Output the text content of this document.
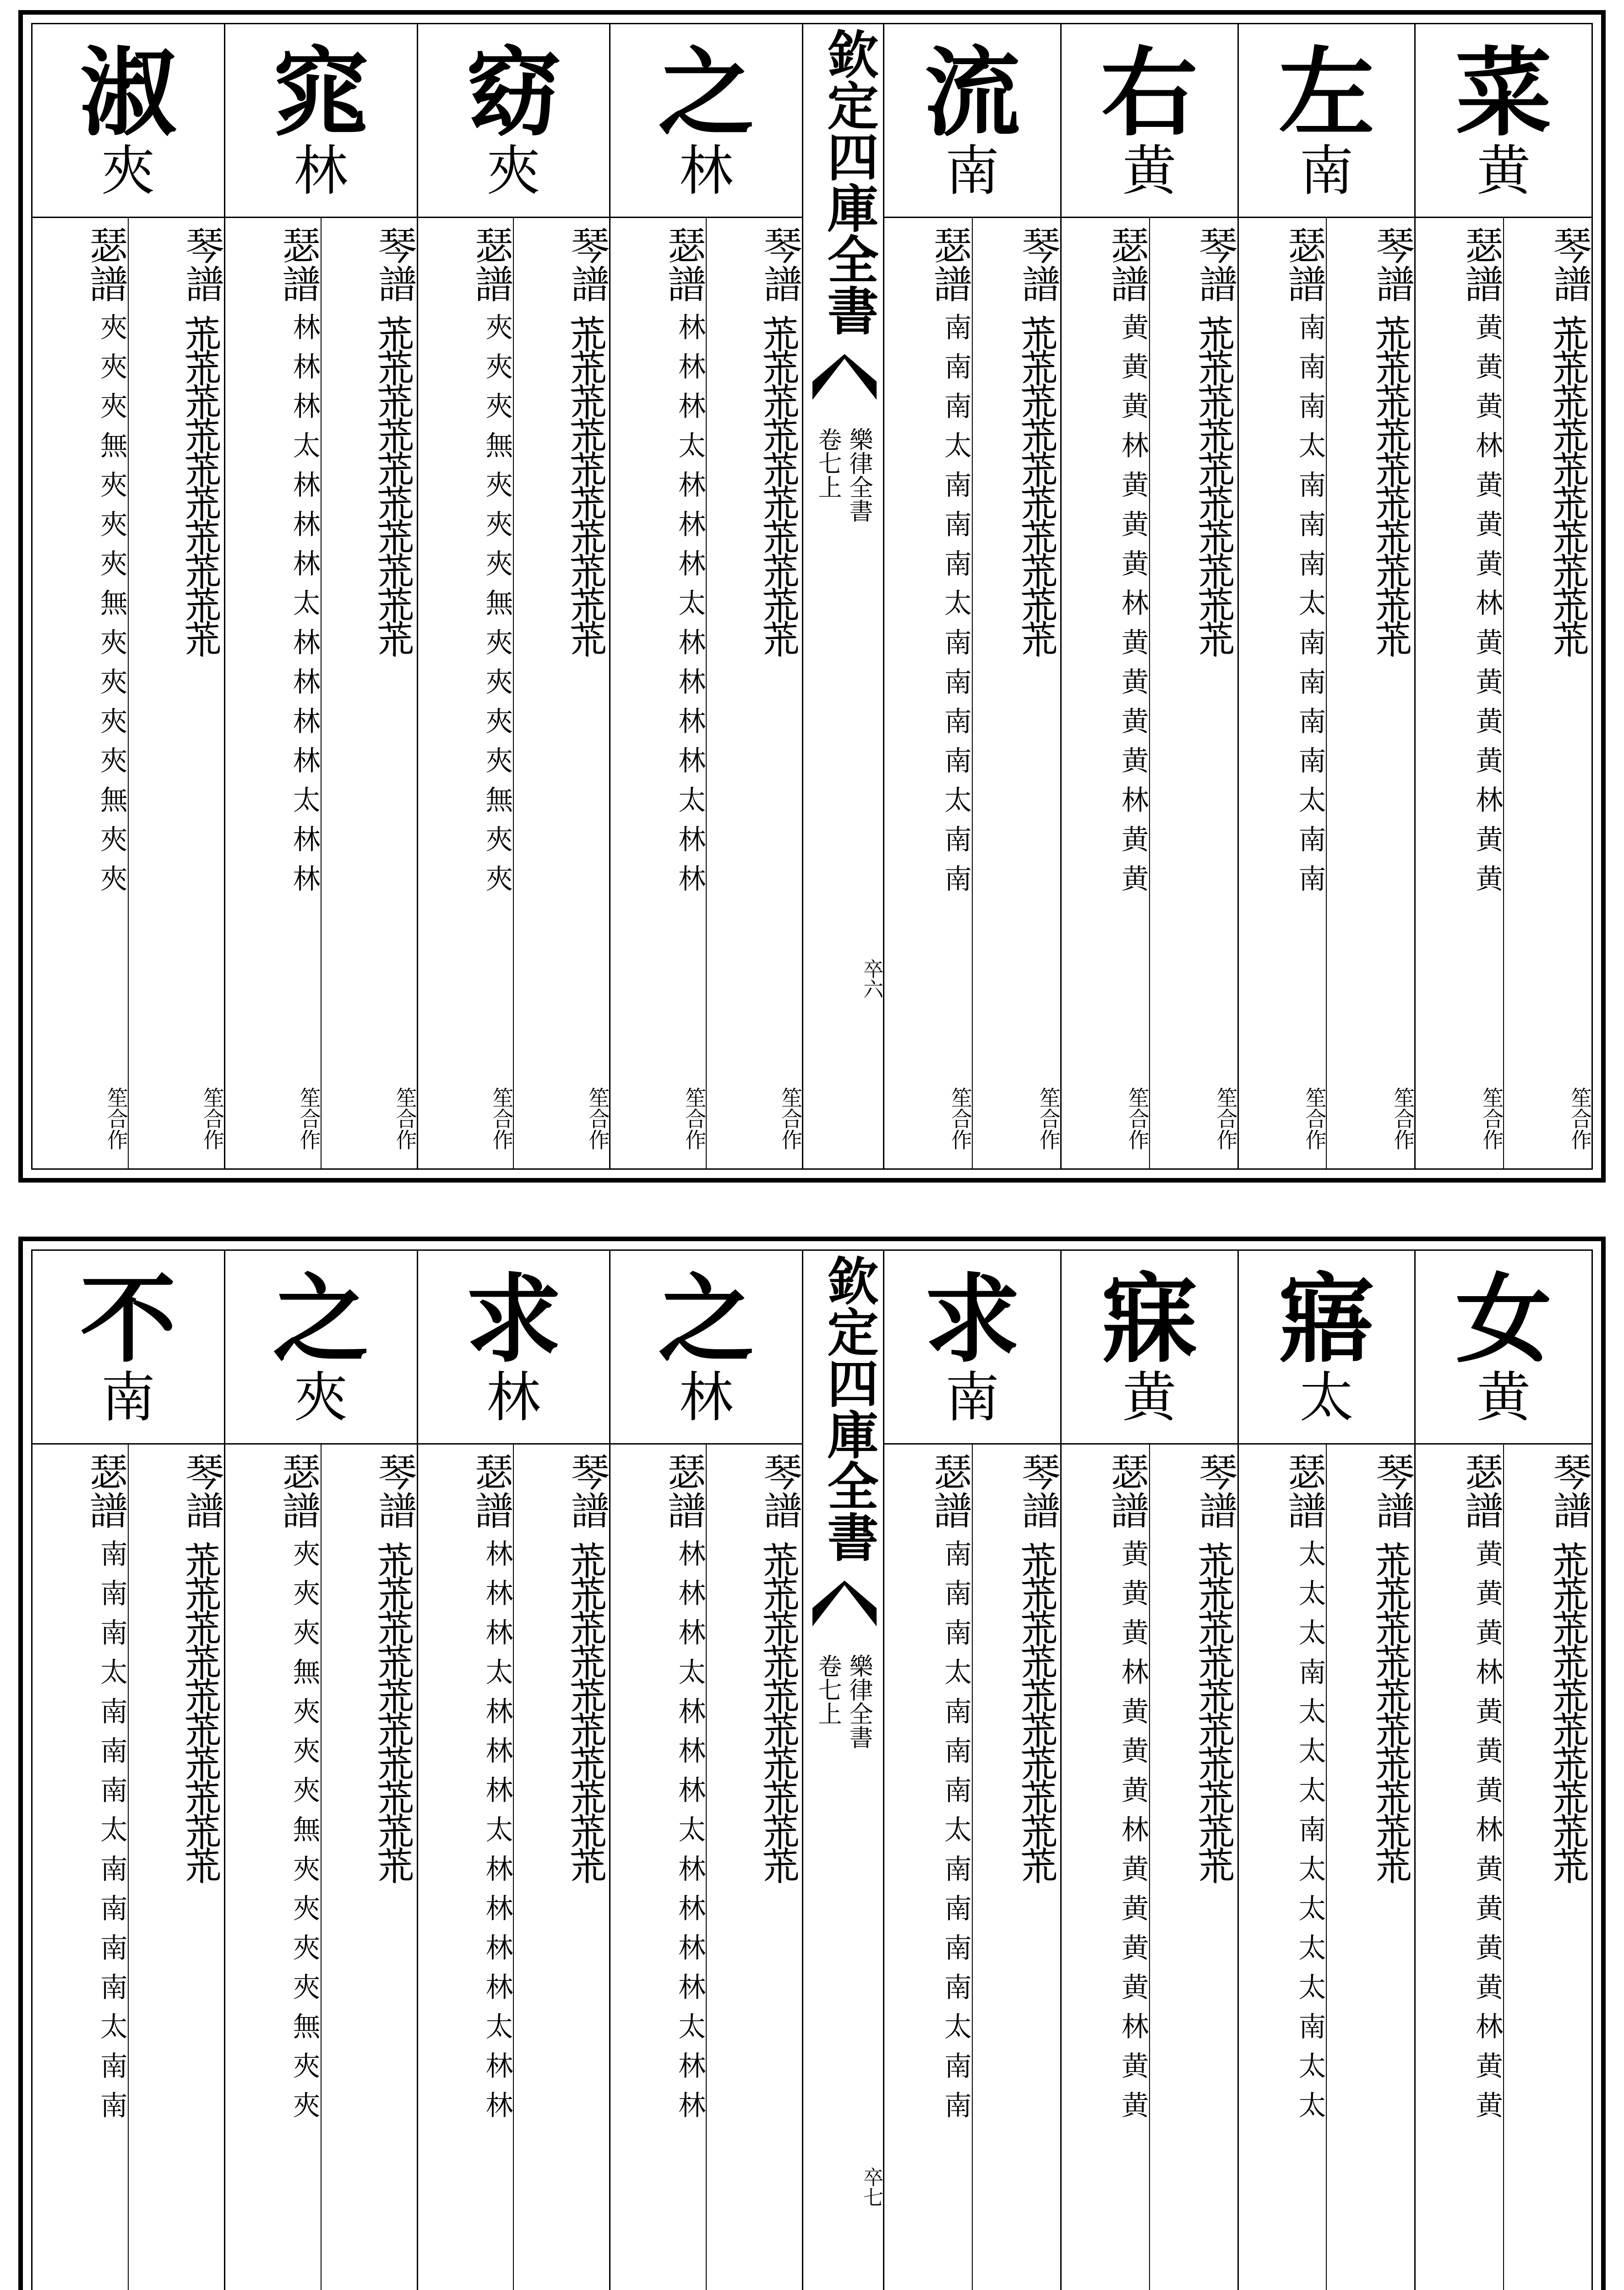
淑
夾
琴譜
𦬸𦬸𦬸𦬸𦬸𦬸𦬸𦬸𦬸𦬸
笙合作
瑟譜
夾夾夾無夾夾夾無夾夾夾夾無夾夾
笙合作
窕
林
琴譜
𦬸𦬸𦬸𦬸𦬸𦬸𦬸𦬸𦬸𦬸
笙合作
瑟譜
林林林太林林林太林林林林太林林
笙合作
窈
夾
琴譜
𦬸𦬸𦬸𦬸𦬸𦬸𦬸𦬸𦬸𦬸
笙合作
瑟譜
夾夾夾無夾夾夾無夾夾夾夾無夾夾
笙合作
之
林
琴譜
𦬸𦬸𦬸𦬸𦬸𦬸𦬸𦬸𦬸𦬸
笙合作
瑟譜
林林林太林林林太林林林林太林林
笙合作
欽定四庫全書
樂律全書
卷七上
卒六
流
南
琴譜
𦬸𦬸𦬸𦬸𦬸𦬸𦬸𦬸𦬸𦬸
笙合作
瑟譜
南南南太南南南太南南南南太南南
笙合作
右
黄
琴譜
𦬸𦬸𦬸𦬸𦬸𦬸𦬸𦬸𦬸𦬸
笙合作
瑟譜
黄黄黄林黄黄黄林黄黄黄黄林黄黄
笙合作
左
南
琴譜
𦬸𦬸𦬸𦬸𦬸𦬸𦬸𦬸𦬸𦬸
笙合作
瑟譜
南南南太南南南太南南南南太南南
笙合作
菜
黄
琴譜
𦬸𦬸𦬸𦬸𦬸𦬸𦬸𦬸𦬸𦬸
笙合作
瑟譜
黄黄黄林黄黄黄林黄黄黄黄林黄黄
笙合作
不
南
琴譜
𦬸𦬸𦬸𦬸𦬸𦬸𦬸𦬸𦬸𦬸
瑟譜
南南南太南南南太南南南南太南南
之
夾
琴譜
𦬸𦬸𦬸𦬸𦬸𦬸𦬸𦬸𦬸𦬸
瑟譜
夾夾夾無夾夾夾無夾夾夾夾無夾夾
求
林
琴譜
𦬸𦬸𦬸𦬸𦬸𦬸𦬸𦬸𦬸𦬸
瑟譜
林林林太林林林太林林林林太林林
之
林
琴譜
𦬸𦬸𦬸𦬸𦬸𦬸𦬸𦬸𦬸𦬸
瑟譜
林林林太林林林太林林林林太林林
欽定四庫全書
樂律全書
卷七上
卒七
求
南
琴譜
𦬸𦬸𦬸𦬸𦬸𦬸𦬸𦬸𦬸𦬸
瑟譜
南南南太南南南太南南南南太南南
寐
黄
琴譜
𦬸𦬸𦬸𦬸𦬸𦬸𦬸𦬸𦬸𦬸
瑟譜
黄黄黄林黄黄黄林黄黄黄黄林黄黄
寤
太
琴譜
𦬸𦬸𦬸𦬸𦬸𦬸𦬸𦬸𦬸𦬸
瑟譜
太太太南太太太南太太太太南太太
女
黄
琴譜
𦬸𦬸𦬸𦬸𦬸𦬸𦬸𦬸𦬸𦬸
瑟譜
黄黄黄林黄黄黄林黄黄黄黄林黄黄
